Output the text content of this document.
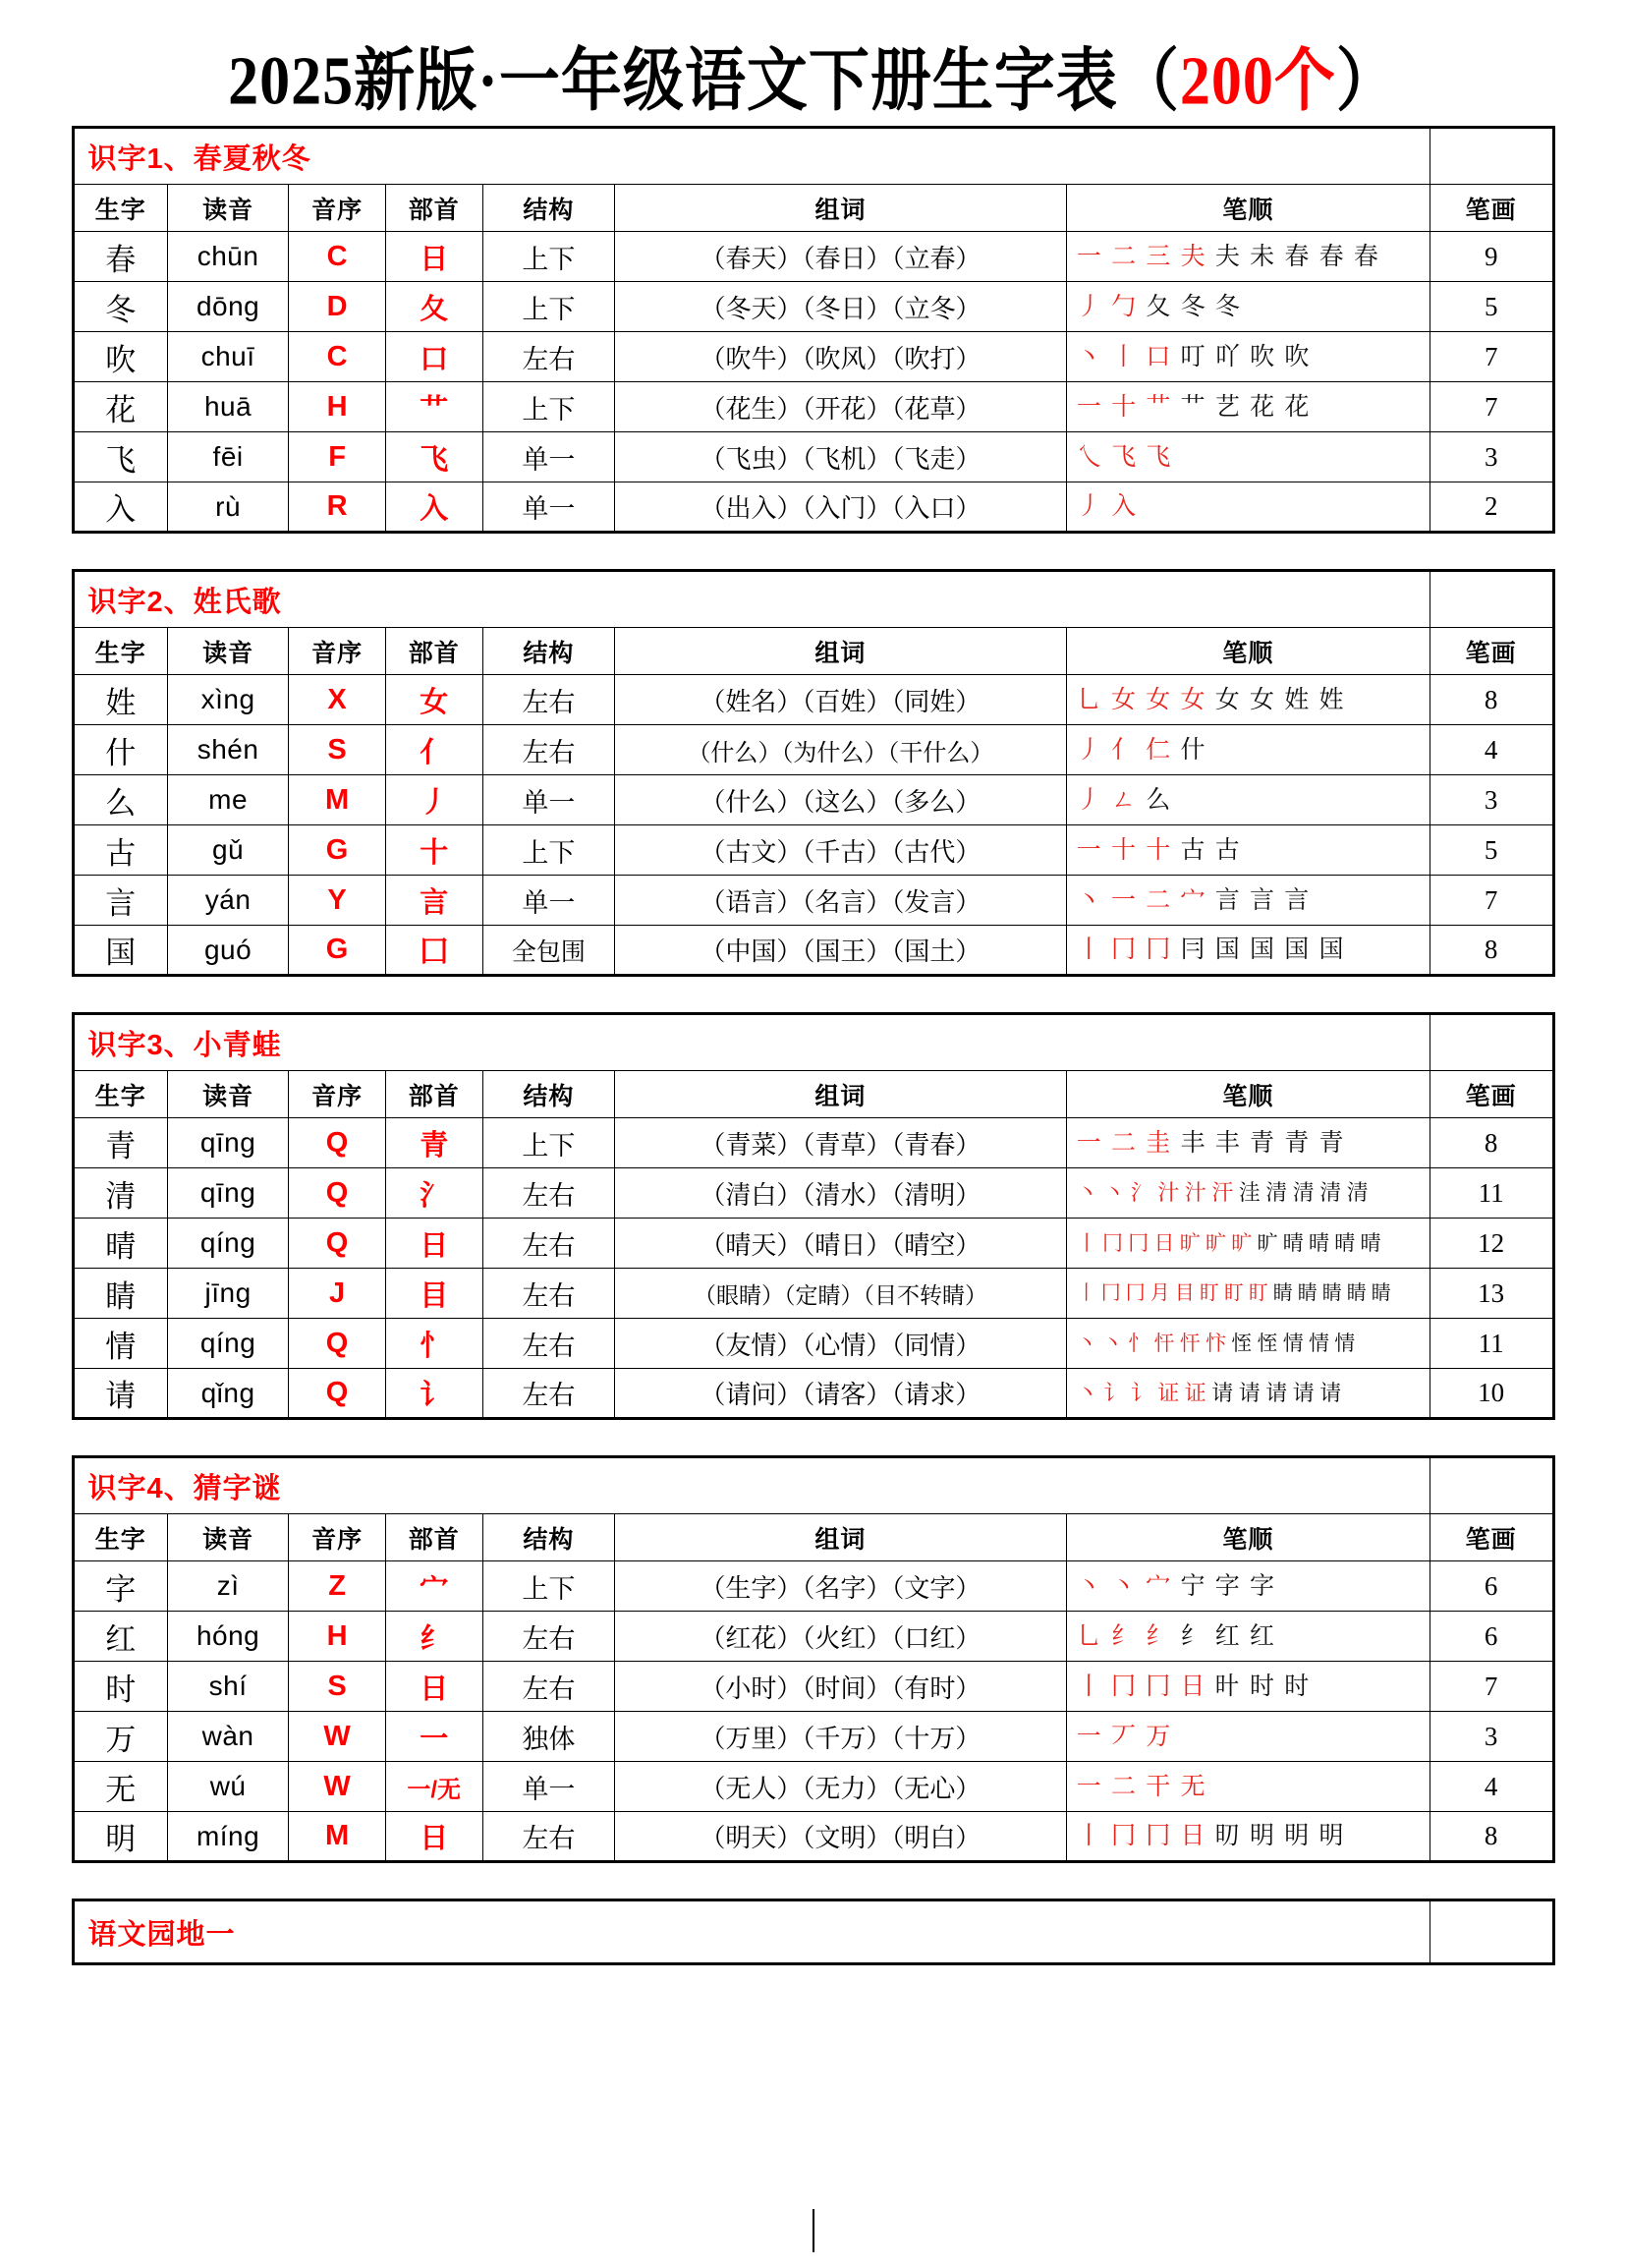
2025新版·一年级语文下册生字表（200个）
识字1、春夏秋冬							
生字	读音	音序	部首	结构	组词	笔顺	笔画
春	chūn	C	日	上下	（春天）（春日）（立春）	一 二 三 夫 夫 未 春 春 春	9
冬	dōng	D	夂	上下	（冬天）（冬日）（立冬）	丿 勹 夂 冬 冬	5
吹	chuī	C	口	左右	（吹牛）（吹风）（吹打）	丶 丨 口 叮 吖 吹 吹	7
花	huā	H	艹	上下	（花生）（开花）（花草）	一 十 艹 艹 艺 花 花	7
飞	fēi	F	飞	单一	（飞虫）（飞机）（飞走）	乀 飞 飞	3
入	rù	R	入	单一	（出入）（入门）（入口）	丿 入	2
识字2、姓氏歌							
生字	读音	音序	部首	结构	组词	笔顺	笔画
姓	xìng	X	女	左右	（姓名）（百姓）（同姓）	乚 女 女 女 女 女 姓 姓	8
什	shén	S	亻	左右	（什么）（为什么）（干什么）	丿 亻 仁 什	4
么	me	M	丿	单一	（什么）（这么）（多么）	丿 ㄥ 么	3
古	gǔ	G	十	上下	（古文）（千古）（古代）	一 十 十 古 古	5
言	yán	Y	言	单一	（语言）（名言）（发言）	丶 一 二 宀 言 言 言	7
国	guó	G	囗	全包围	（中国）（国王）（国土）	丨 冂 冂 冃 国 国 国 国	8
识字3、小青蛙							
生字	读音	音序	部首	结构	组词	笔顺	笔画
青	qīng	Q	青	上下	（青菜）（青草）（青春）	一 二 圭 丰 丰 青 青 青	8
清	qīng	Q	氵	左右	（清白）（清水）（清明）	丶 丶 氵 汁 汁 汗 洼 清 清 清 清	11
晴	qíng	Q	日	左右	（晴天）（晴日）（晴空）	丨 冂 冂 日 旷 旷 旷 旷 晴 晴 晴 晴	12
睛	jīng	J	目	左右	（眼睛）（定睛）（目不转睛）	丨 冂 冂 月 目 盯 盯 盯 睛 睛 睛 睛 睛	13
情	qíng	Q	忄	左右	（友情）（心情）（同情）	丶 丶 忄 忓 忓 忭 恎 恎 情 情 情	11
请	qǐng	Q	讠	左右	（请问）（请客）（请求）	丶 讠 讠 证 证 请 请 请 请 请	10
识字4、猜字谜							
生字	读音	音序	部首	结构	组词	笔顺	笔画
字	zì	Z	宀	上下	（生字）（名字）（文字）	丶 丶 宀 宁 字 字	6
红	hóng	H	纟	左右	（红花）（火红）（口红）	乚 纟 纟 纟 红 红	6
时	shí	S	日	左右	（小时）（时间）（有时）	丨 冂 冂 日 旪 时 时	7
万	wàn	W	一	独体	（万里）（千万）（十万）	一 丆 万	3
无	wú	W	一/无	单一	（无人）（无力）（无心）	一 二 干 无	4
明	míng	M	日	左右	（明天）（文明）（明白）	丨 冂 冂 日 旫 明 明 明	8
语文园地一	
